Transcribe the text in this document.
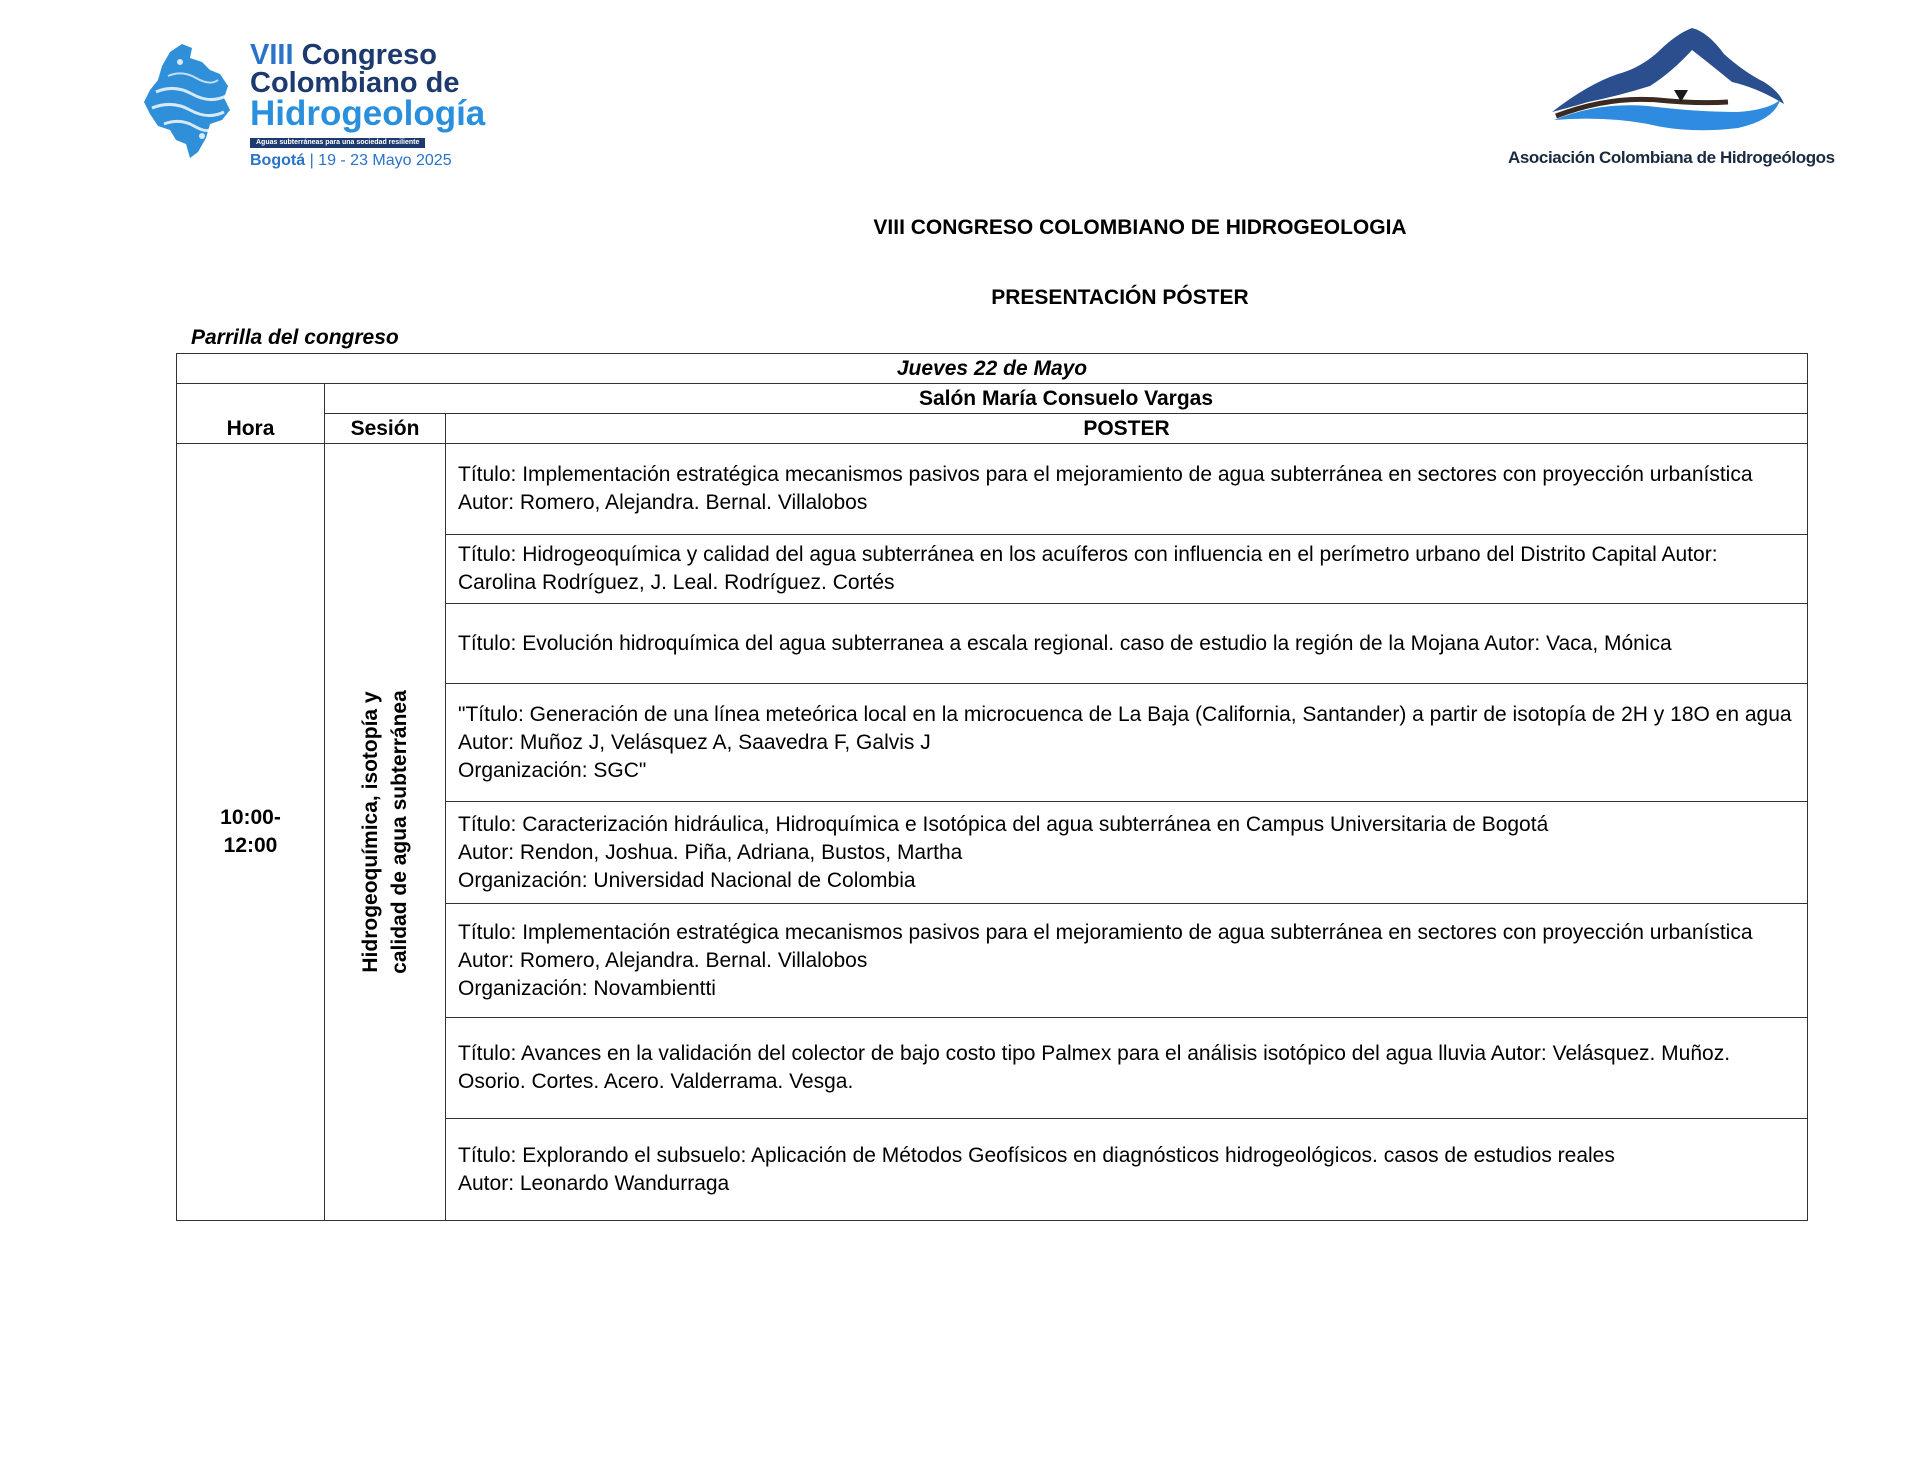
VIII Congreso
Colombiano de
Hidrogeología
Aguas subterráneas para una sociedad resiliente
Bogotá | 19 - 23 Mayo 2025	Asociación Colombiana de Hidrogeólogos
VIII CONGRESO COLOMBIANO DE HIDROGEOLOGIA
PRESENTACIÓN PÓSTER
Parrilla del congreso
Jueves 22 de Mayo		
Hora	Salón María Consuelo Vargas	
	Sesión	POSTER
10:00-
12:00	Hidrogeoquímica, isotopía y calidad de agua subterránea	Título: Implementación estratégica mecanismos pasivos para el mejoramiento de agua subterránea en sectores con proyección urbanística Autor: Romero, Alejandra. Bernal. Villalobos

		Título: Hidrogeoquímica y calidad del agua subterránea en los acuíferos con influencia en el perímetro urbano del Distrito Capital Autor: Carolina Rodríguez, J. Leal. Rodríguez. Cortés

		Título: Evolución hidroquímica del agua subterranea a escala regional. caso de estudio la región de la Mojana Autor: Vaca, Mónica

		"Título: Generación de una línea meteórica local en la microcuenca de La Baja (California, Santander) a partir de isotopía de 2H y 18O en agua
Autor: Muñoz J, Velásquez A, Saavedra F, Galvis J
Organización: SGC"

		Título: Caracterización hidráulica, Hidroquímica e Isotópica del agua subterránea en Campus Universitaria de Bogotá
Autor: Rendon, Joshua. Piña, Adriana, Bustos, Martha
Organización: Universidad Nacional de Colombia

		Título: Implementación estratégica mecanismos pasivos para el mejoramiento de agua subterránea en sectores con proyección urbanística
Autor: Romero, Alejandra. Bernal. Villalobos
Organización: Novambientti

		Título: Avances en la validación del colector de bajo costo tipo Palmex para el análisis isotópico del agua lluvia Autor: Velásquez. Muñoz. Osorio. Cortes. Acero. Valderrama. Vesga.

		Título: Explorando el subsuelo: Aplicación de Métodos Geofísicos en diagnósticos hidrogeológicos. casos de estudios reales
Autor: Leonardo Wandurraga
